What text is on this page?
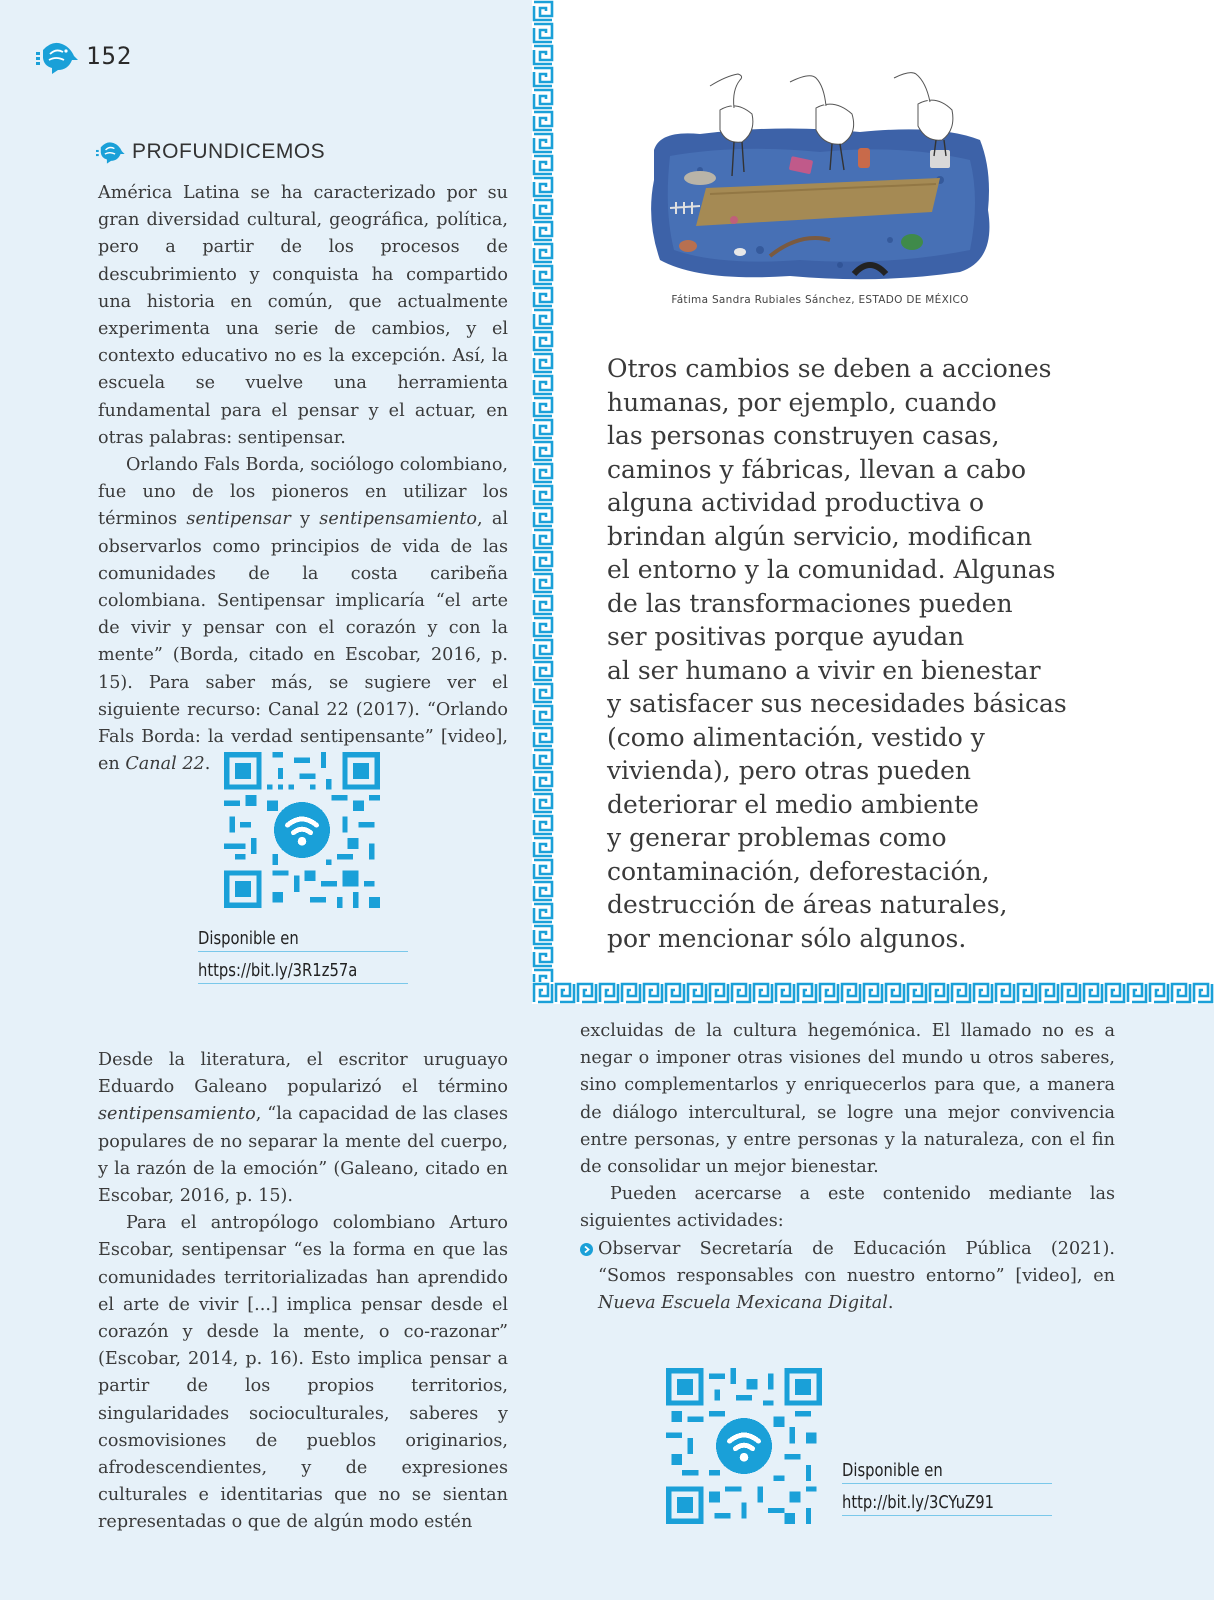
152
PROFUNDICEMOS

América Latina se ha caracterizado por su gran diversidad cultural, geográfica, política, pero a partir de los procesos de descubrimiento y conquista ha compartido una historia en común, que actualmente experimenta una serie de cambios, y el contexto educativo no es la excepción. Así, la escuela se vuelve una herramienta fundamental para el pensar y el actuar, en otras palabras: sentipensar.

Orlando Fals Borda, sociólogo colombiano, fue uno de los pioneros en utilizar los términos sentipensar y sentipensamiento, al observarlos como principios de vida de las comunidades de la costa caribeña colombiana. Sentipensar implicaría “el arte de vivir y pensar con el corazón y con la mente” (Borda, citado en Escobar, 2016, p. 15). Para saber más, se sugiere ver el siguiente recurso: Canal 22 (2017). “Orlando Fals Borda: la verdad sentipensante” [video], en Canal 22.

Disponible en
https://bit.ly/3R1z57a
Fátima Sandra Rubiales Sánchez, ESTADO DE MÉXICO
Otros cambios se deben a acciones
humanas, por ejemplo, cuando
las personas construyen casas,
caminos y fábricas, llevan a cabo
alguna actividad productiva o
brindan algún servicio, modifican
el entorno y la comunidad. Algunas
de las transformaciones pueden
ser positivas porque ayudan
al ser humano a vivir en bienestar
y satisfacer sus necesidades básicas
(como alimentación, vestido y
vivienda), pero otras pueden
deteriorar el medio ambiente
y generar problemas como
contaminación, deforestación,
destrucción de áreas naturales,
por mencionar sólo algunos.

Desde la literatura, el escritor uruguayo Eduardo Galeano popularizó el término sentipensamiento, “la capacidad de las clases populares de no separar la mente del cuerpo, y la razón de la emoción” (Galeano, citado en Escobar, 2016, p. 15).

Para el antropólogo colombiano Arturo Escobar, sentipensar “es la forma en que las comunidades territorializadas han aprendido el arte de vivir [...] implica pensar desde el corazón y desde la mente, o co-razonar” (Escobar, 2014, p. 16). Esto implica pensar a partir de los propios territorios, singularidades socioculturales, saberes y cosmovisiones de pueblos originarios, afrodescendientes, y de expresiones culturales e identitarias que no se sientan representadas o que de algún modo estén

excluidas de la cultura hegemónica. El llamado no es a negar o imponer otras visiones del mundo u otros saberes, sino complementarlos y enriquecerlos para que, a manera de diálogo intercultural, se logre una mejor convivencia entre personas, y entre personas y la naturaleza, con el fin de consolidar un mejor bienestar.

Pueden acercarse a este contenido mediante las siguientes actividades:

Observar Secretaría de Educación Pública (2021). “Somos responsables con nuestro entorno” [video], en Nueva Escuela Mexicana Digital.
Disponible en
http://bit.ly/3CYuZ91
